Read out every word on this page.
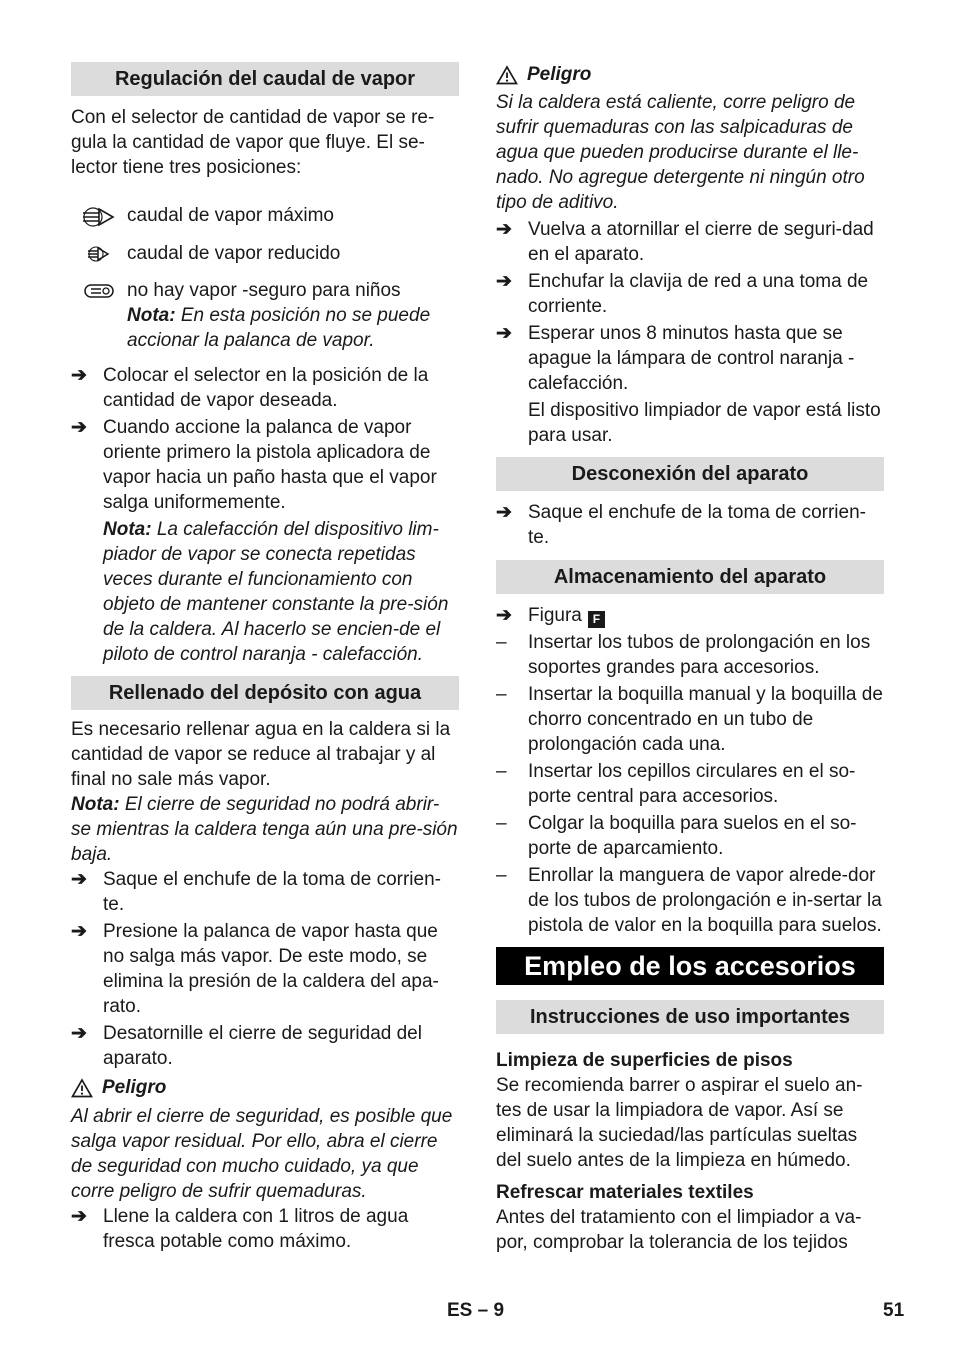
Regulación del caudal de vapor

Con el selector de cantidad de vapor se re-gula la cantidad de vapor que fluye. El se-lector tiene tres posiciones:

caudal de vapor máximo
caudal de vapor reducido

no hay vapor -seguro para niños

Nota: En esta posición no se puede accionar la palanca de vapor.

➔ Colocar el selector en la posición de la cantidad de vapor deseada.
➔ Cuando accione la palanca de vapor oriente primero la pistola aplicadora de vapor hacia un paño hasta que el vapor salga uniformemente.

Nota: La calefacción del dispositivo lim-piador de vapor se conecta repetidas veces durante el funcionamiento con objeto de mantener constante la pre-sión de la caldera. Al hacerlo se encien-de el piloto de control naranja - calefacción.

Rellenado del depósito con agua

Es necesario rellenar agua en la caldera si la cantidad de vapor se reduce al trabajar y al final no sale más vapor.

Nota: El cierre de seguridad no podrá abrir-se mientras la caldera tenga aún una pre-sión baja.

➔ Saque el enchufe de la toma de corrien-te.
➔ Presione la palanca de vapor hasta que no salga más vapor. De este modo, se elimina la presión de la caldera del apa-rato.
➔ Desatornille el cierre de seguridad del aparato.

Peligro

Al abrir el cierre de seguridad, es posible que salga vapor residual. Por ello, abra el cierre de seguridad con mucho cuidado, ya que corre peligro de sufrir quemaduras.

➔ Llene la caldera con 1 litros de agua fresca potable como máximo.

Peligro

Si la caldera está caliente, corre peligro de sufrir quemaduras con las salpicaduras de agua que pueden producirse durante el lle-nado. No agregue detergente ni ningún otro tipo de aditivo.

➔ Vuelva a atornillar el cierre de seguri-dad en el aparato.
➔ Enchufar la clavija de red a una toma de corriente.
➔ Esperar unos 8 minutos hasta que se apague la lámpara de control naranja - calefacción.

El dispositivo limpiador de vapor está listo para usar.

Desconexión del aparato
➔ Saque el enchufe de la toma de corrien-te.
Almacenamiento del aparato
➔ Figura F
–	Insertar los tubos de prolongación en los soportes grandes para accesorios.
–	Insertar la boquilla manual y la boquilla de chorro concentrado en un tubo de prolongación cada una.
–	Insertar los cepillos circulares en el so-porte central para accesorios.
–	Colgar la boquilla para suelos en el so-porte de aparcamiento.
–	Enrollar la manguera de vapor alrede-dor de los tubos de prolongación e in-sertar la pistola de valor en la boquilla para suelos.
Empleo de los accesorios
Instrucciones de uso importantes

Limpieza de superficies de pisos

Se recomienda barrer o aspirar el suelo an-tes de usar la limpiadora de vapor. Así se eliminará la suciedad/las partículas sueltas del suelo antes de la limpieza en húmedo.

Refrescar materiales textiles

Antes del tratamiento con el limpiador a va-por, comprobar la tolerancia de los tejidos

ES – 9	51
